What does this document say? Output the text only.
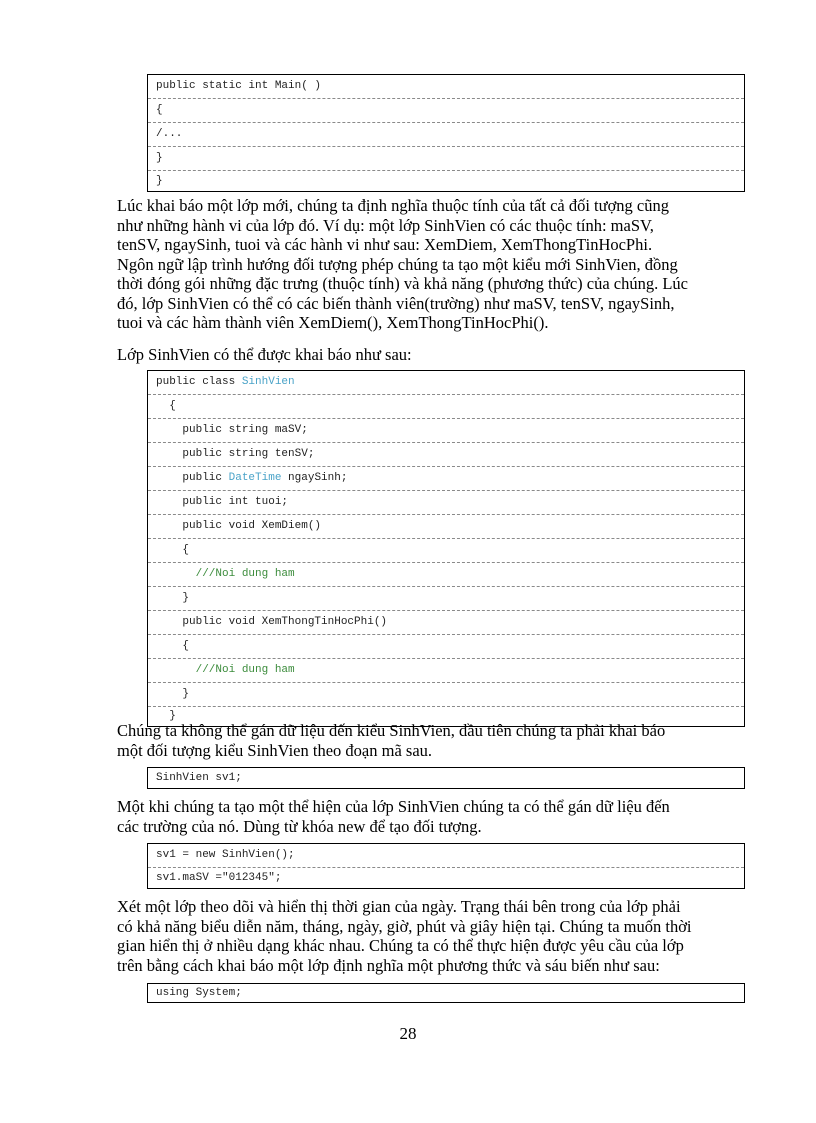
public static int Main( )
{
/...
}
}
Lúc khai báo một lớp mới, chúng ta định nghĩa thuộc tính của tất cả đối tượng cũng
như những hành vi của lớp đó. Ví dụ: một lớp SinhVien có các thuộc tính: maSV,
tenSV, ngaySinh, tuoi và các hành vi như sau: XemDiem, XemThongTinHocPhi.
Ngôn ngữ lập trình hướng đối tượng phép chúng ta tạo một kiểu mới SinhVien, đồng
thời đóng gói những đặc trưng (thuộc tính) và khả năng (phương thức) của chúng. Lúc
đó, lớp SinhVien có thể có các biến thành viên(trường) như maSV, tenSV, ngaySinh,
tuoi và các hàm thành viên XemDiem(), XemThongTinHocPhi().
Lớp SinhVien có thể được khai báo như sau:
public class SinhVien
{
public string maSV;
public string tenSV;
public DateTime ngaySinh;
public int tuoi;
public void XemDiem()
{
///Noi dung ham
}
public void XemThongTinHocPhi()
{
///Noi dung ham
}
}
Chúng ta không thể gán dữ liệu đến kiểu SinhVien, đầu tiên chúng ta phải khai báo
một đối tượng kiểu SinhVien theo đoạn mã sau.
SinhVien sv1;
Một khi chúng ta tạo một thể hiện của lớp SinhVien chúng ta có thể gán dữ liệu đến
các trường của nó. Dùng từ khóa new để tạo đối tượng.
sv1 = new SinhVien();
sv1.maSV ="012345";
Xét một lớp theo dõi và hiển thị thời gian của ngày. Trạng thái bên trong của lớp phải
có khả năng biểu diễn năm, tháng, ngày, giờ, phút và giây hiện tại. Chúng ta muốn thời
gian hiển thị ở nhiều dạng khác nhau. Chúng ta có thể thực hiện được yêu cầu của lớp
trên bằng cách khai báo một lớp định nghĩa một phương thức và sáu biến như sau:
using System;
28
